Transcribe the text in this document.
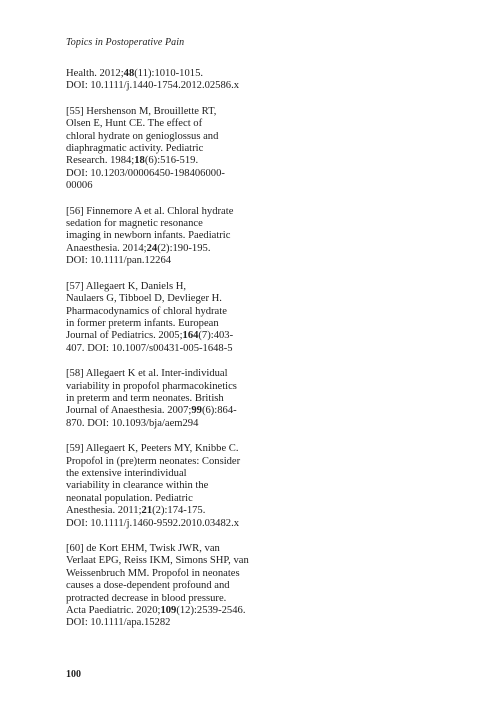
Topics in Postoperative Pain
Health. 2012;48(11):1010-1015.
DOI: 10.1111/j.1440-1754.2012.02586.x
[55] Hershenson M, Brouillette RT,
Olsen E, Hunt CE. The effect of
chloral hydrate on genioglossus and
diaphragmatic activity. Pediatric
Research. 1984;18(6):516-519.
DOI: 10.1203/00006450-198406000-
00006
[56] Finnemore A et al. Chloral hydrate
sedation for magnetic resonance
imaging in newborn infants. Paediatric
Anaesthesia. 2014;24(2):190-195.
DOI: 10.1111/pan.12264
[57] Allegaert K, Daniels H,
Naulaers G, Tibboel D, Devlieger H.
Pharmacodynamics of chloral hydrate
in former preterm infants. European
Journal of Pediatrics. 2005;164(7):403-
407. DOI: 10.1007/s00431-005-1648-5
[58] Allegaert K et al. Inter-individual
variability in propofol pharmacokinetics
in preterm and term neonates. British
Journal of Anaesthesia. 2007;99(6):864-
870. DOI: 10.1093/bja/aem294
[59] Allegaert K, Peeters MY, Knibbe C.
Propofol in (pre)term neonates: Consider
the extensive interindividual
variability in clearance within the
neonatal population. Pediatric
Anesthesia. 2011;21(2):174-175.
DOI: 10.1111/j.1460-9592.2010.03482.x
[60] de Kort EHM, Twisk JWR, van
Verlaat EPG, Reiss IKM, Simons SHP, van
Weissenbruch MM. Propofol in neonates
causes a dose-dependent profound and
protracted decrease in blood pressure.
Acta Paediatric. 2020;109(12):2539-2546.
DOI: 10.1111/apa.15282
100
